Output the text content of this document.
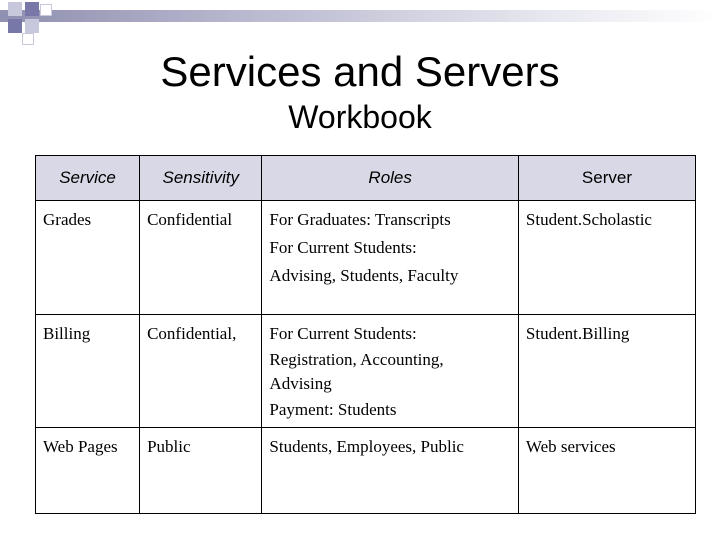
Services and Servers
Workbook
Service	Sensitivity	Roles	Server
Grades	Confidential	For Graduates: Transcripts
For Current Students:
Advising, Students, Faculty	Student.Scholastic
Billing	Confidential,	For Current Students:
Registration, Accounting,
Advising
Payment: Students	Student.Billing
Web Pages	Public	Students, Employees, Public	Web services
